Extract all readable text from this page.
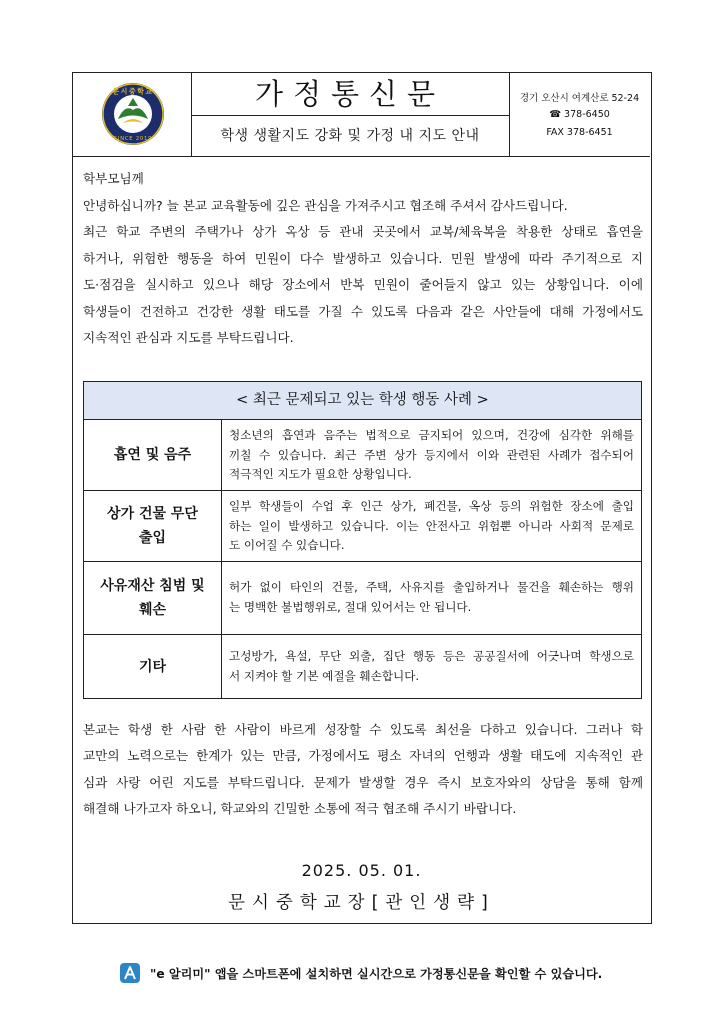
문시중학교
SINCE 2019
가정통신문
학생 생활지도 강화 및 가정 내 지도 안내
경기 오산시 여계산로 52-24
☎ 378-6450
FAX 378-6451
학부모님께
안녕하십니까? 늘 본교 교육활동에 깊은 관심을 가져주시고 협조해 주셔서 감사드립니다.
최근 학교 주변의 주택가나 상가 옥상 등 관내 곳곳에서 교복/체육복을 착용한 상태로 흡연을
하거나, 위험한 행동을 하여 민원이 다수 발생하고 있습니다. 민원 발생에 따라 주기적으로 지
도·점검을 실시하고 있으나 해당 장소에서 반복 민원이 줄어들지 않고 있는 상황입니다. 이에
학생들이 건전하고 건강한 생활 태도를 가질 수 있도록 다음과 같은 사안들에 대해 가정에서도
지속적인 관심과 지도를 부탁드립니다.
< 최근 문제되고 있는 학생 행동 사례 >
흡연 및 음주
청소년의 흡연과 음주는 법적으로 금지되어 있으며, 건강에 심각한 위해를
끼칠 수 있습니다. 최근 주변 상가 등지에서 이와 관련된 사례가 접수되어
적극적인 지도가 필요한 상황입니다.
상가 건물 무단
출입
일부 학생들이 수업 후 인근 상가, 폐건물, 옥상 등의 위험한 장소에 출입
하는 일이 발생하고 있습니다. 이는 안전사고 위험뿐 아니라 사회적 문제로
도 이어질 수 있습니다.
사유재산 침범 및
훼손
허가 없이 타인의 건물, 주택, 사유지를 출입하거나 물건을 훼손하는 행위
는 명백한 불법행위로, 절대 있어서는 안 됩니다.
기타
고성방가, 욕설, 무단 외출, 집단 행동 등은 공공질서에 어긋나며 학생으로
서 지켜야 할 기본 예절을 훼손합니다.
본교는 학생 한 사람 한 사람이 바르게 성장할 수 있도록 최선을 다하고 있습니다. 그러나 학
교만의 노력으로는 한계가 있는 만큼, 가정에서도 평소 자녀의 언행과 생활 태도에 지속적인 관
심과 사랑 어린 지도를 부탁드립니다. 문제가 발생할 경우 즉시 보호자와의 상담을 통해 함께
해결해 나가고자 하오니, 학교와의 긴밀한 소통에 적극 협조해 주시기 바랍니다.
2025. 05. 01.
문시중학교장[관인생략]
"e 알리미" 앱을 스마트폰에 설치하면 실시간으로 가정통신문을 확인할 수 있습니다.
